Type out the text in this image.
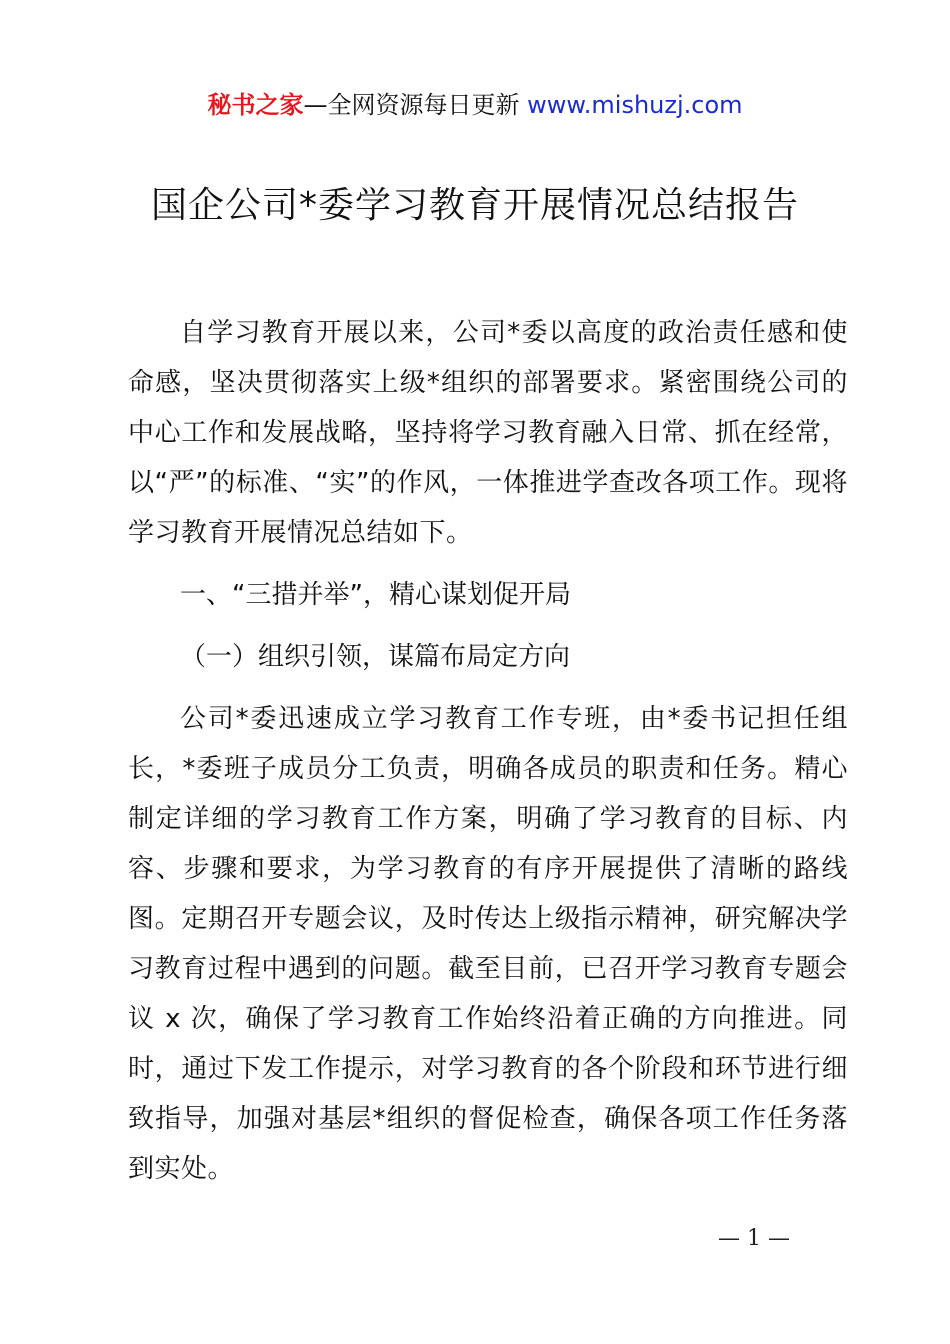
秘书之家—全网资源每日更新 www.mishuzj.com
国企公司*委学习教育开展情况总结报告

自学习教育开展以来，公司*委以高度的政治责任感和使命感，坚决贯彻落实上级*组织的部署要求。紧密围绕公司的中心工作和发展战略，坚持将学习教育融入日常、抓在经常，以“严”的标准、“实”的作风，一体推进学查改各项工作。现将学习教育开展情况总结如下。

一、“三措并举”，精心谋划促开局
（一）组织引领，谋篇布局定方向

公司*委迅速成立学习教育工作专班，由*委书记担任组长，*委班子成员分工负责，明确各成员的职责和任务。精心制定详细的学习教育工作方案，明确了学习教育的目标、内容、步骤和要求，为学习教育的有序开展提供了清晰的路线图。定期召开专题会议，及时传达上级指示精神，研究解决学习教育过程中遇到的问题。截至目前，已召开学习教育专题会议 x 次，确保了学习教育工作始终沿着正确的方向推进。同时，通过下发工作提示，对学习教育的各个阶段和环节进行细致指导，加强对基层*组织的督促检查，确保各项工作任务落到实处。

— 1 —
